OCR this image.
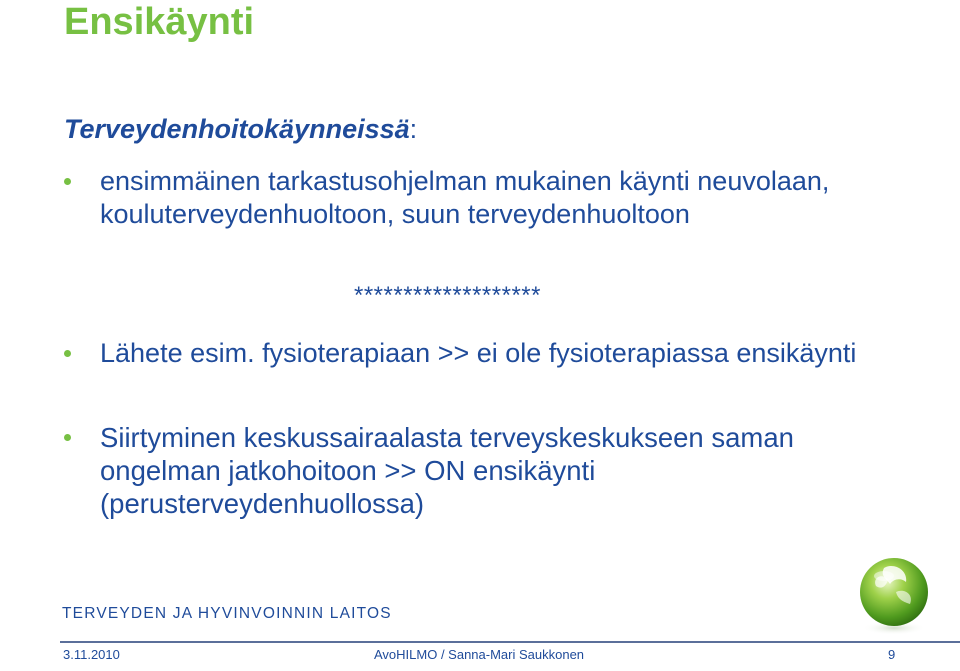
Ensikäynti
Terveydenhoitokäynneissä:
ensimmäinen tarkastusohjelman mukainen käynti neuvolaan, kouluterveydenhuoltoon, suun terveydenhuoltoon
*******************
Lähete esim. fysioterapiaan >> ei ole fysioterapiassa ensikäynti
Siirtyminen keskussairaalasta terveyskeskukseen saman ongelman jatkohoitoon >> ON ensikäynti (perusterveydenhuollossa)
TERVEYDEN JA HYVINVOINNIN LAITOS
3.11.2010	AvoHILMO / Sanna-Mari Saukkonen	9
